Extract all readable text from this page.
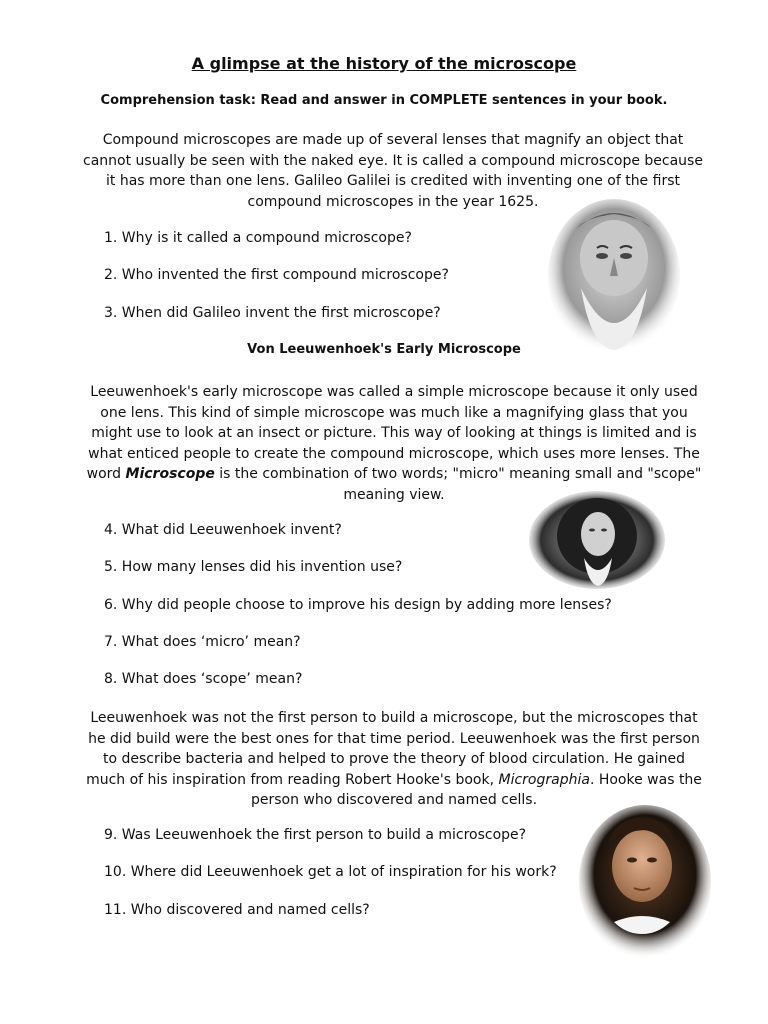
A glimpse at the history of the microscope
Comprehension task: Read and answer in COMPLETE sentences in your book.
Compound microscopes are made up of several lenses that magnify an object that cannot usually be seen with the naked eye. It is called a compound microscope because it has more than one lens. Galileo Galilei is credited with inventing one of the first compound microscopes in the year 1625.
1. Why is it called a compound microscope?
2. Who invented the first compound microscope?
3. When did Galileo invent the first microscope?
Von Leeuwenhoek's Early Microscope
Leeuwenhoek's early microscope was called a simple microscope because it only used one lens. This kind of simple microscope was much like a magnifying glass that you might use to look at an insect or picture. This way of looking at things is limited and is what enticed people to create the compound microscope, which uses more lenses. The word Microscope is the combination of two words; "micro" meaning small and "scope" meaning view.
4. What did Leeuwenhoek invent?
5. How many lenses did his invention use?
6. Why did people choose to improve his design by adding more lenses?
7. What does ‘micro’ mean?
8. What does ‘scope’ mean?
Leeuwenhoek was not the first person to build a microscope, but the microscopes that he did build were the best ones for that time period. Leeuwenhoek was the first person to describe bacteria and helped to prove the theory of blood circulation. He gained much of his inspiration from reading Robert Hooke's book, Micrographia. Hooke was the person who discovered and named cells.
9. Was Leeuwenhoek the first person to build a microscope?
10. Where did Leeuwenhoek get a lot of inspiration for his work?
11. Who discovered and named cells?
